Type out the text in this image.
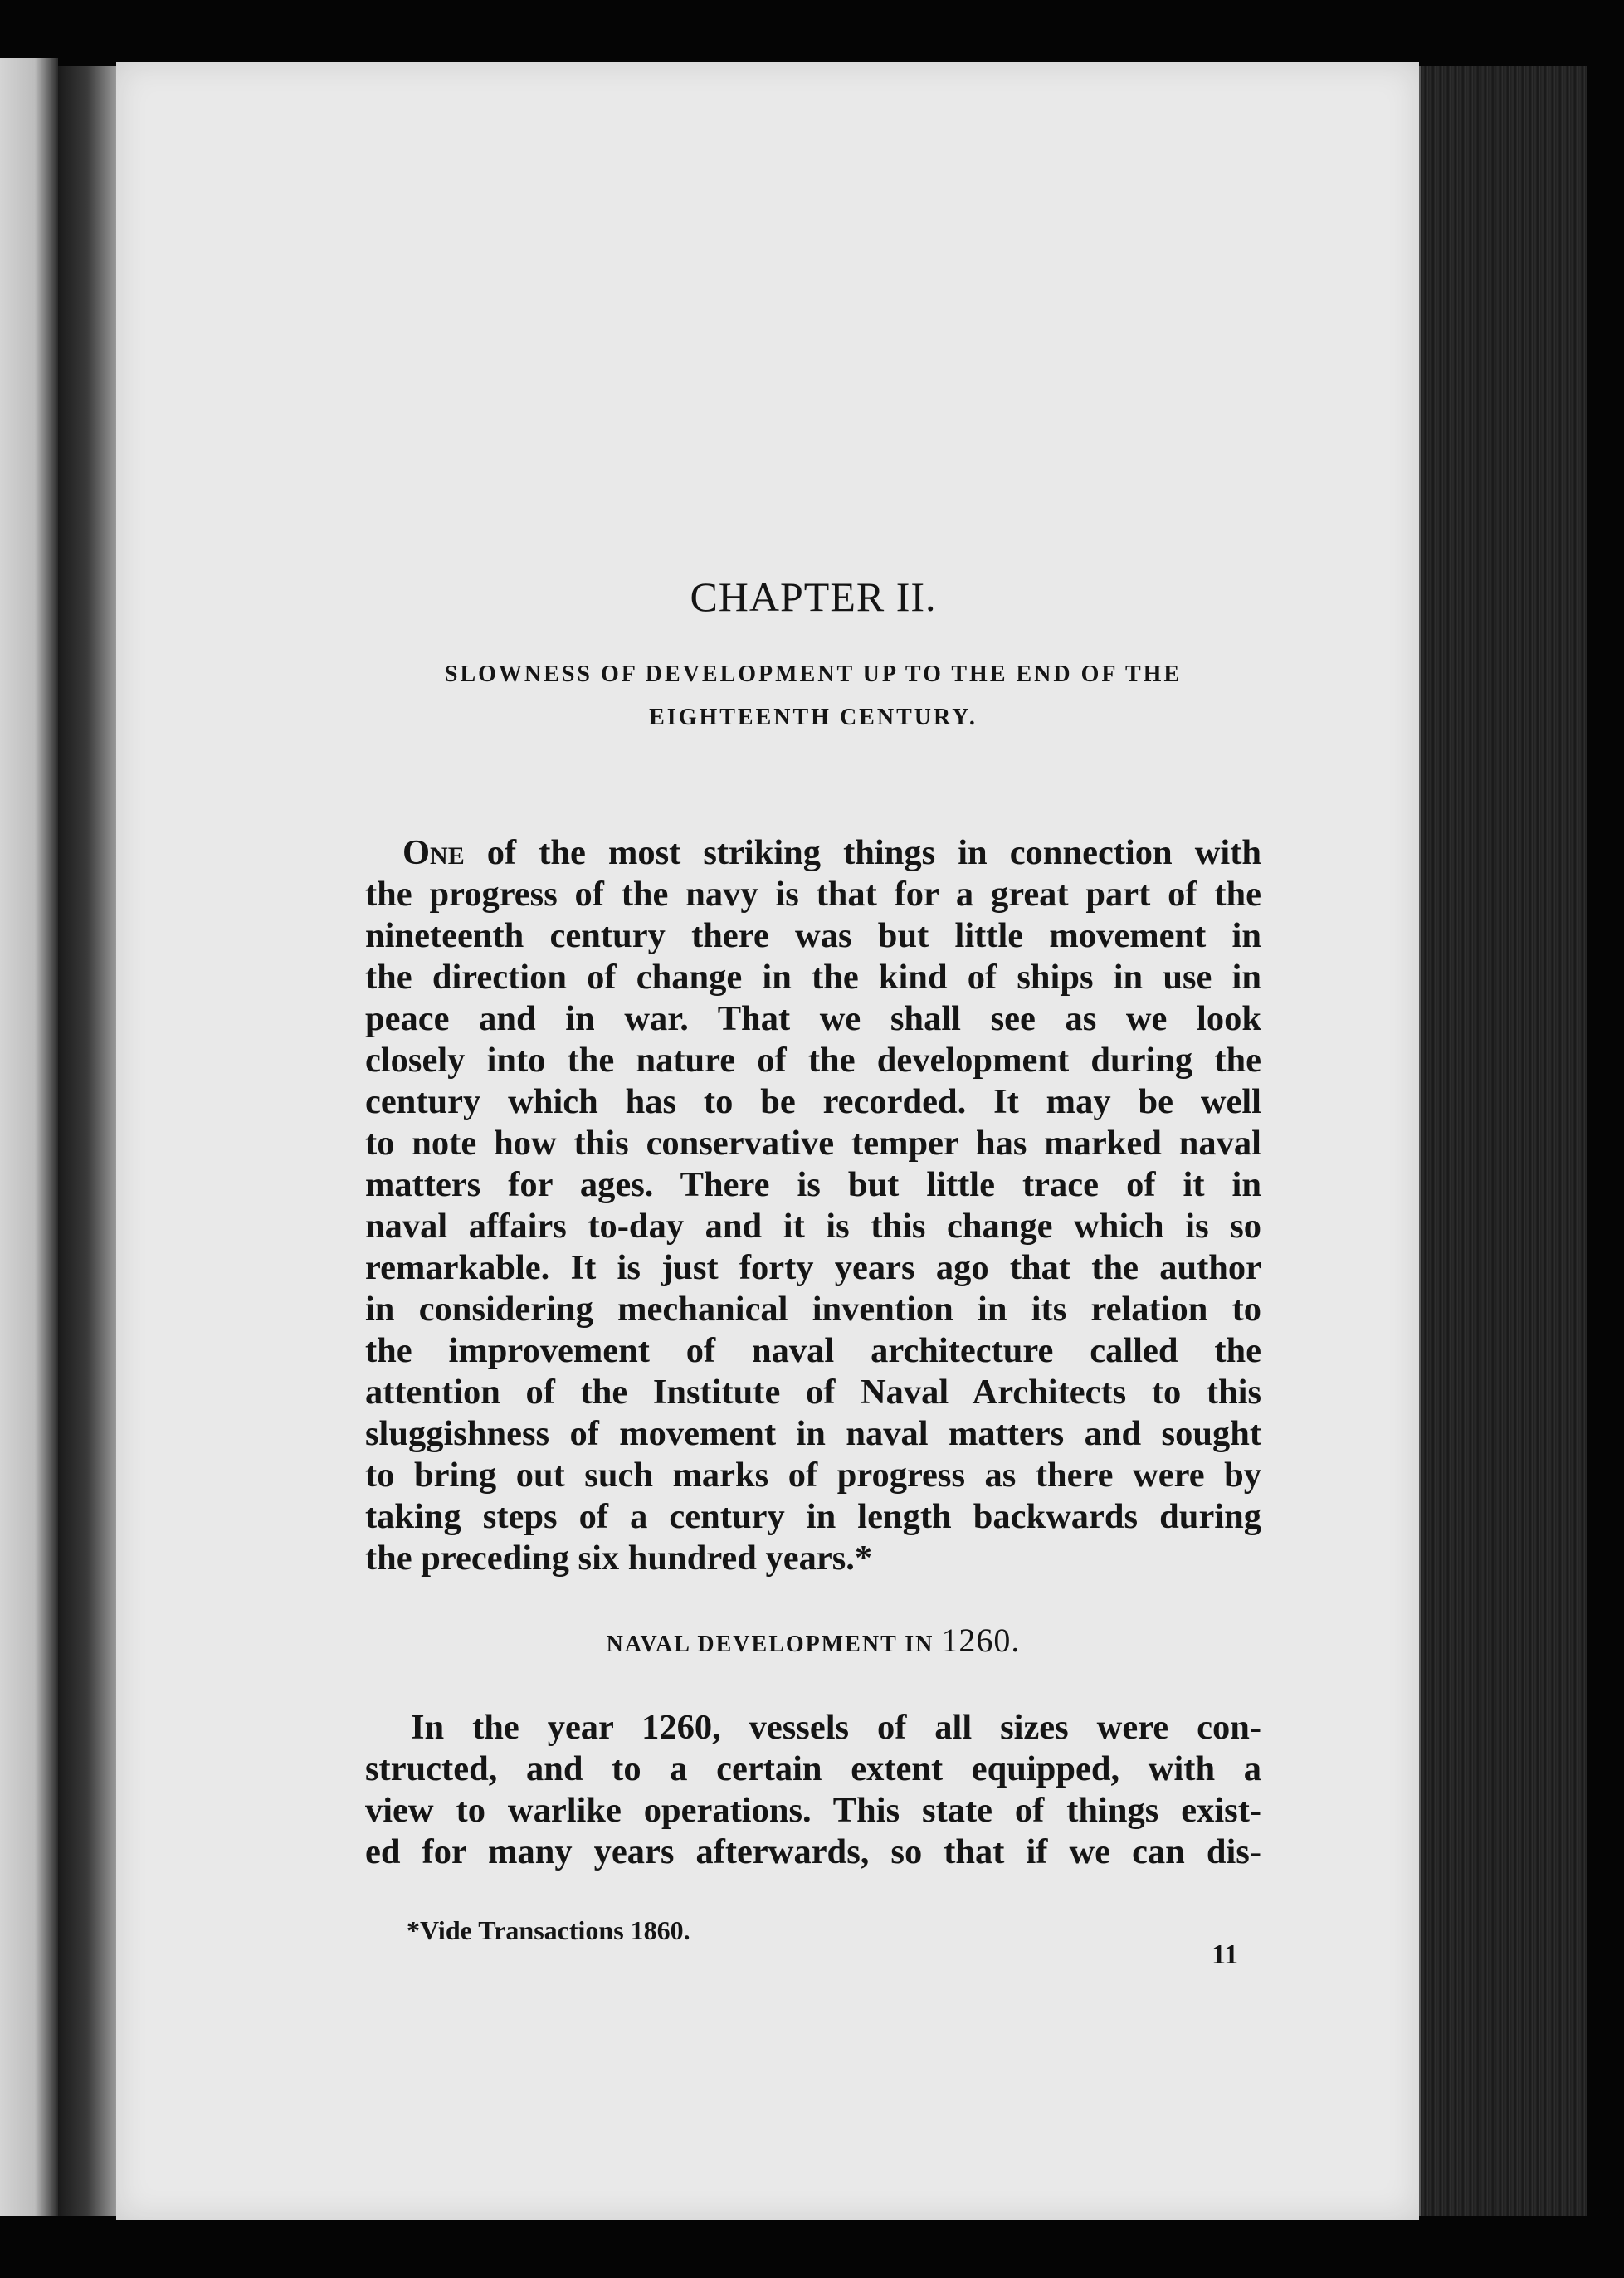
CHAPTER II.
SLOWNESS OF DEVELOPMENT UP TO THE END OF THE
EIGHTEENTH CENTURY.
One of the most striking things in connection with
the progress of the navy is that for a great part of the
nineteenth century there was but little movement in
the direction of change in the kind of ships in use in
peace and in war. That we shall see as we look
closely into the nature of the development during the
century which has to be recorded. It may be well
to note how this conservative temper has marked naval
matters for ages. There is but little trace of it in
naval affairs to-day and it is this change which is so
remarkable. It is just forty years ago that the author
in considering mechanical invention in its relation to
the improvement of naval architecture called the
attention of the Institute of Naval Architects to this
sluggishness of movement in naval matters and sought
to bring out such marks of progress as there were by
taking steps of a century in length backwards during
the preceding six hundred years.*
NAVAL DEVELOPMENT IN 1260.
In the year 1260, vessels of all sizes were con-
structed, and to a certain extent equipped, with a
view to warlike operations. This state of things exist-
ed for many years afterwards, so that if we can dis-
*Vide Transactions 1860.
11
